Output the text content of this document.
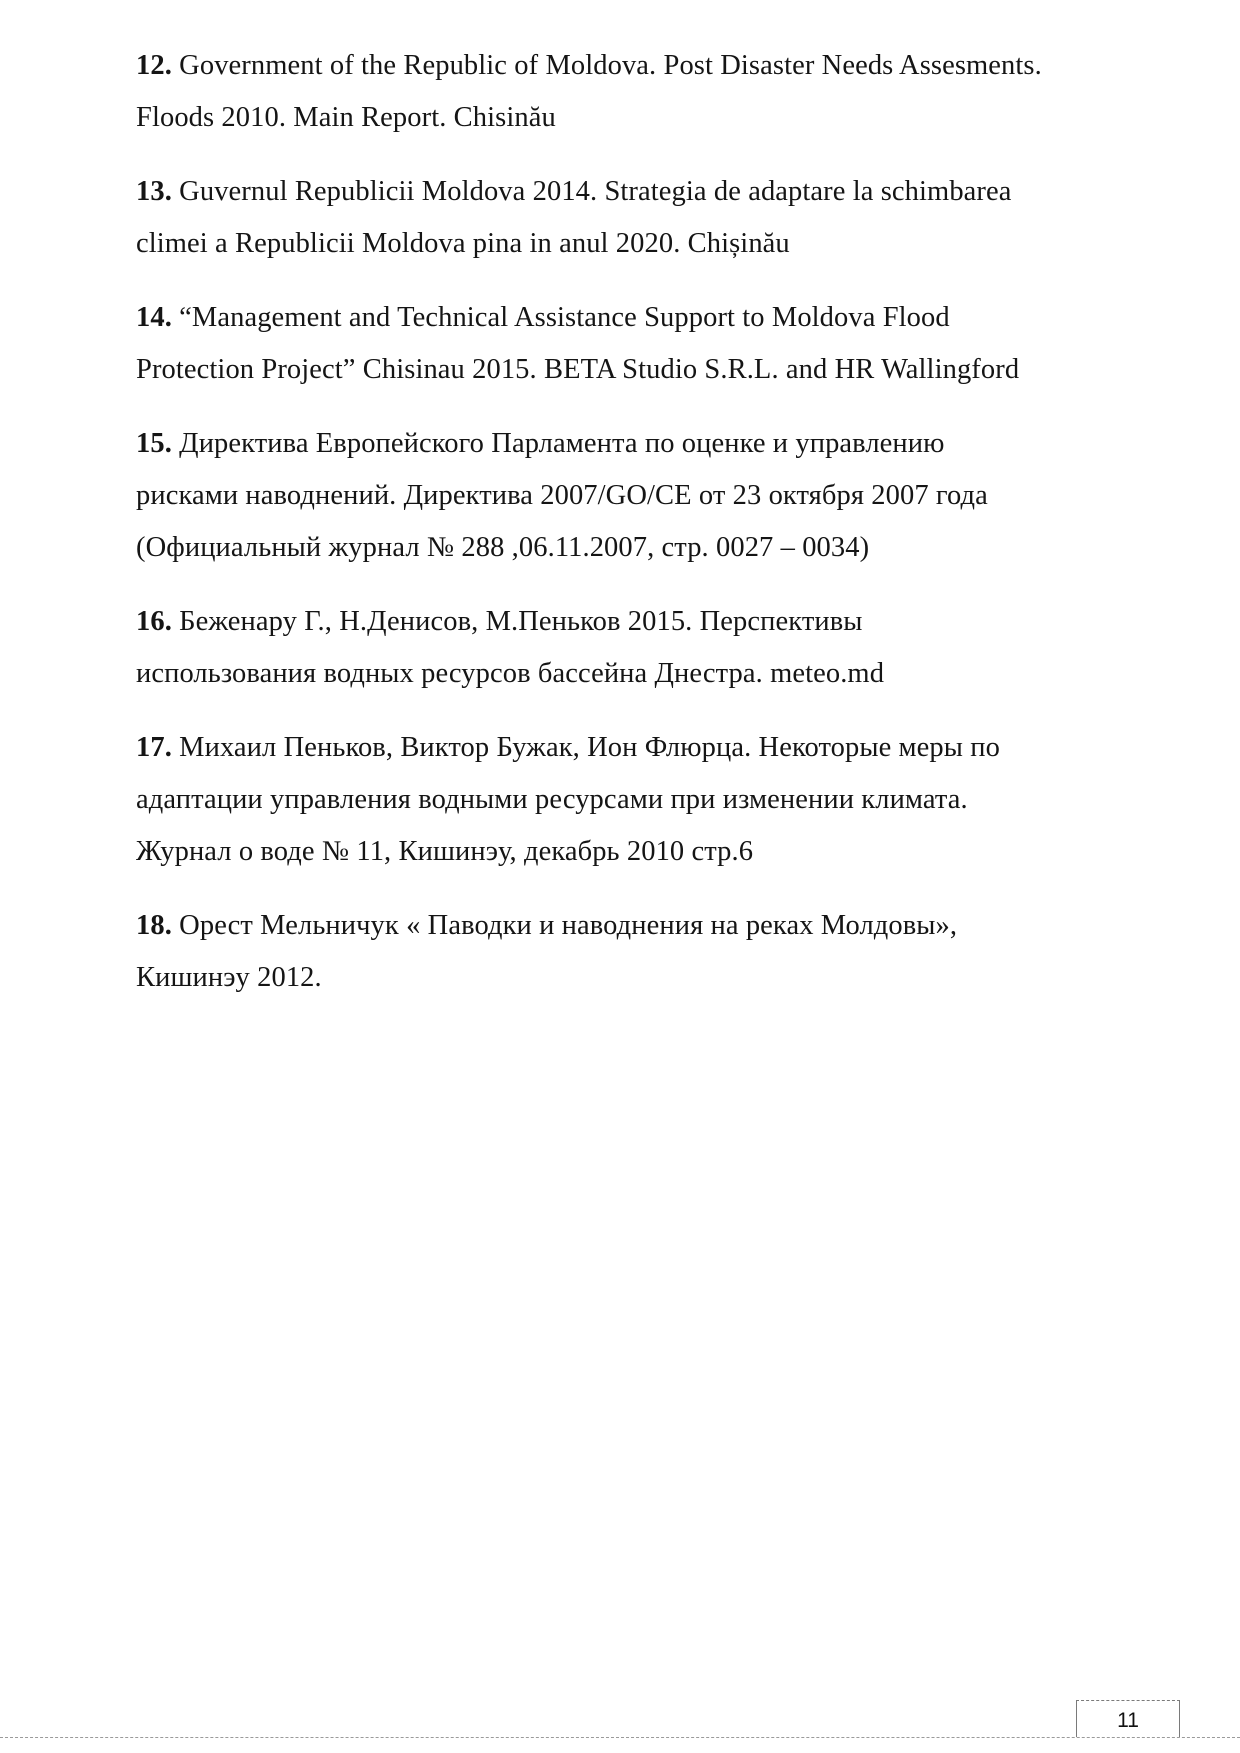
12. Government of the Republic of Moldova. Post Disaster Needs Assesments.
Floods 2010. Main Report. Chisinău

13. Guvernul Republicii Moldova 2014. Strategia de adaptare la schimbarea
climei a Republicii Moldova pina in anul 2020. Chișinău

14. “Management and Technical Assistance Support to Moldova Flood
Protection Project” Chisinau 2015. BETA Studio S.R.L. and HR Wallingford

15. Директива Европейского Парламента по оценке и управлению
рисками наводнений. Директива 2007/GO/CE от 23 октября 2007 года
(Официальный журнал № 288 ,06.11.2007, стр. 0027 – 0034)

16. Беженару Г., Н.Денисов, М.Пеньков 2015. Перспективы
использования водных ресурсов бассейна Днестра. meteo.md

17. Михаил Пеньков, Виктор Бужак, Ион Флюрца. Некоторые меры по
адаптации управления водными ресурсами при изменении климата.
Журнал о воде № 11, Кишинэу, декабрь 2010 стр.6

18. Орест Мельничук « Паводки и наводнения на реках Молдовы»,
Кишинэу 2012.

11
